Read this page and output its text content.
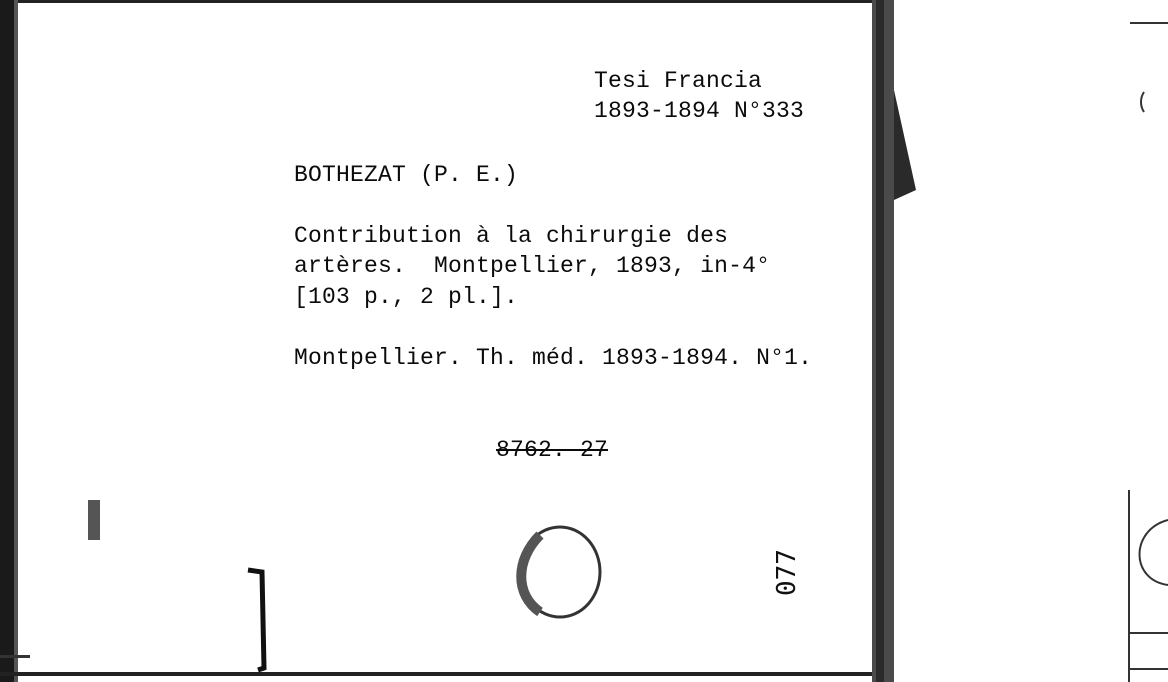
Tesi Francia
1893-1894 N°333
BOTHEZAT (P. E.)
Contribution à la chirurgie des
artères.  Montpellier, 1893, in-4°
[103 p., 2 pl.].
Montpellier. Th. méd. 1893-1894. N°1.
8762. 27
077
